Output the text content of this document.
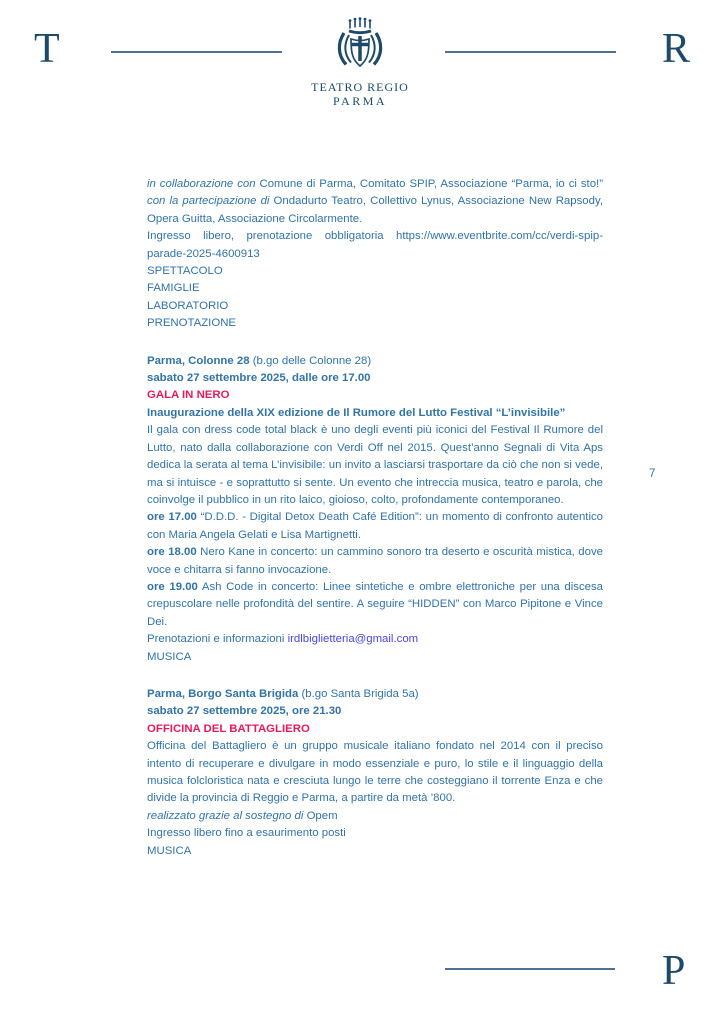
T
TEATRO REGIO
PARMA
R

in collaborazione con Comune di Parma, Comitato SPIP, Associazione “Parma, io ci sto!” con la partecipazione di Ondadurto Teatro, Collettivo Lynus, Associazione New Rapsody, Opera Guitta, Associazione Circolarmente.

Ingresso libero, prenotazione obbligatoria https://www.eventbrite.com/cc/verdi-spip-parade-2025-4600913

SPETTACOLO

FAMIGLIE

LABORATORIO

PRENOTAZIONE

Parma, Colonne 28 (b.go delle Colonne 28)

sabato 27 settembre 2025, dalle ore 17.00

GALA IN NERO

Inaugurazione della XIX edizione de Il Rumore del Lutto Festival “L’invisibile”

Il gala con dress code total black è uno degli eventi più iconici del Festival Il Rumore del Lutto, nato dalla collaborazione con Verdi Off nel 2015. Quest’anno Segnali di Vita Aps dedica la serata al tema L’invisibile: un invito a lasciarsi trasportare da ciò che non si vede, ma si intuisce - e soprattutto si sente. Un evento che intreccia musica, teatro e parola, che coinvolge il pubblico in un rito laico, gioioso, colto, profondamente contemporaneo.

ore 17.00 “D.D.D. - Digital Detox Death Café Edition”: un momento di confronto autentico con Maria Angela Gelati e Lisa Martignetti.

ore 18.00 Nero Kane in concerto: un cammino sonoro tra deserto e oscurità mistica, dove voce e chitarra si fanno invocazione.

ore 19.00 Ash Code in concerto: Linee sintetiche e ombre elettroniche per una discesa crepuscolare nelle profondità del sentire. A seguire “HIDDEN” con Marco Pipitone e Vince Dei.

Prenotazioni e informazioni irdlbiglietteria@gmail.com

MUSICA

Parma, Borgo Santa Brigida (b.go Santa Brigida 5a)

sabato 27 settembre 2025, ore 21.30

OFFICINA DEL BATTAGLIERO

Officina del Battagliero è un gruppo musicale italiano fondato nel 2014 con il preciso intento di recuperare e divulgare in modo essenziale e puro, lo stile e il linguaggio della musica folcloristica nata e cresciuta lungo le terre che costeggiano il torrente Enza e che divide la provincia di Reggio e Parma, a partire da metà ’800.

realizzato grazie al sostegno di Opem

Ingresso libero fino a esaurimento posti

MUSICA

7
P
